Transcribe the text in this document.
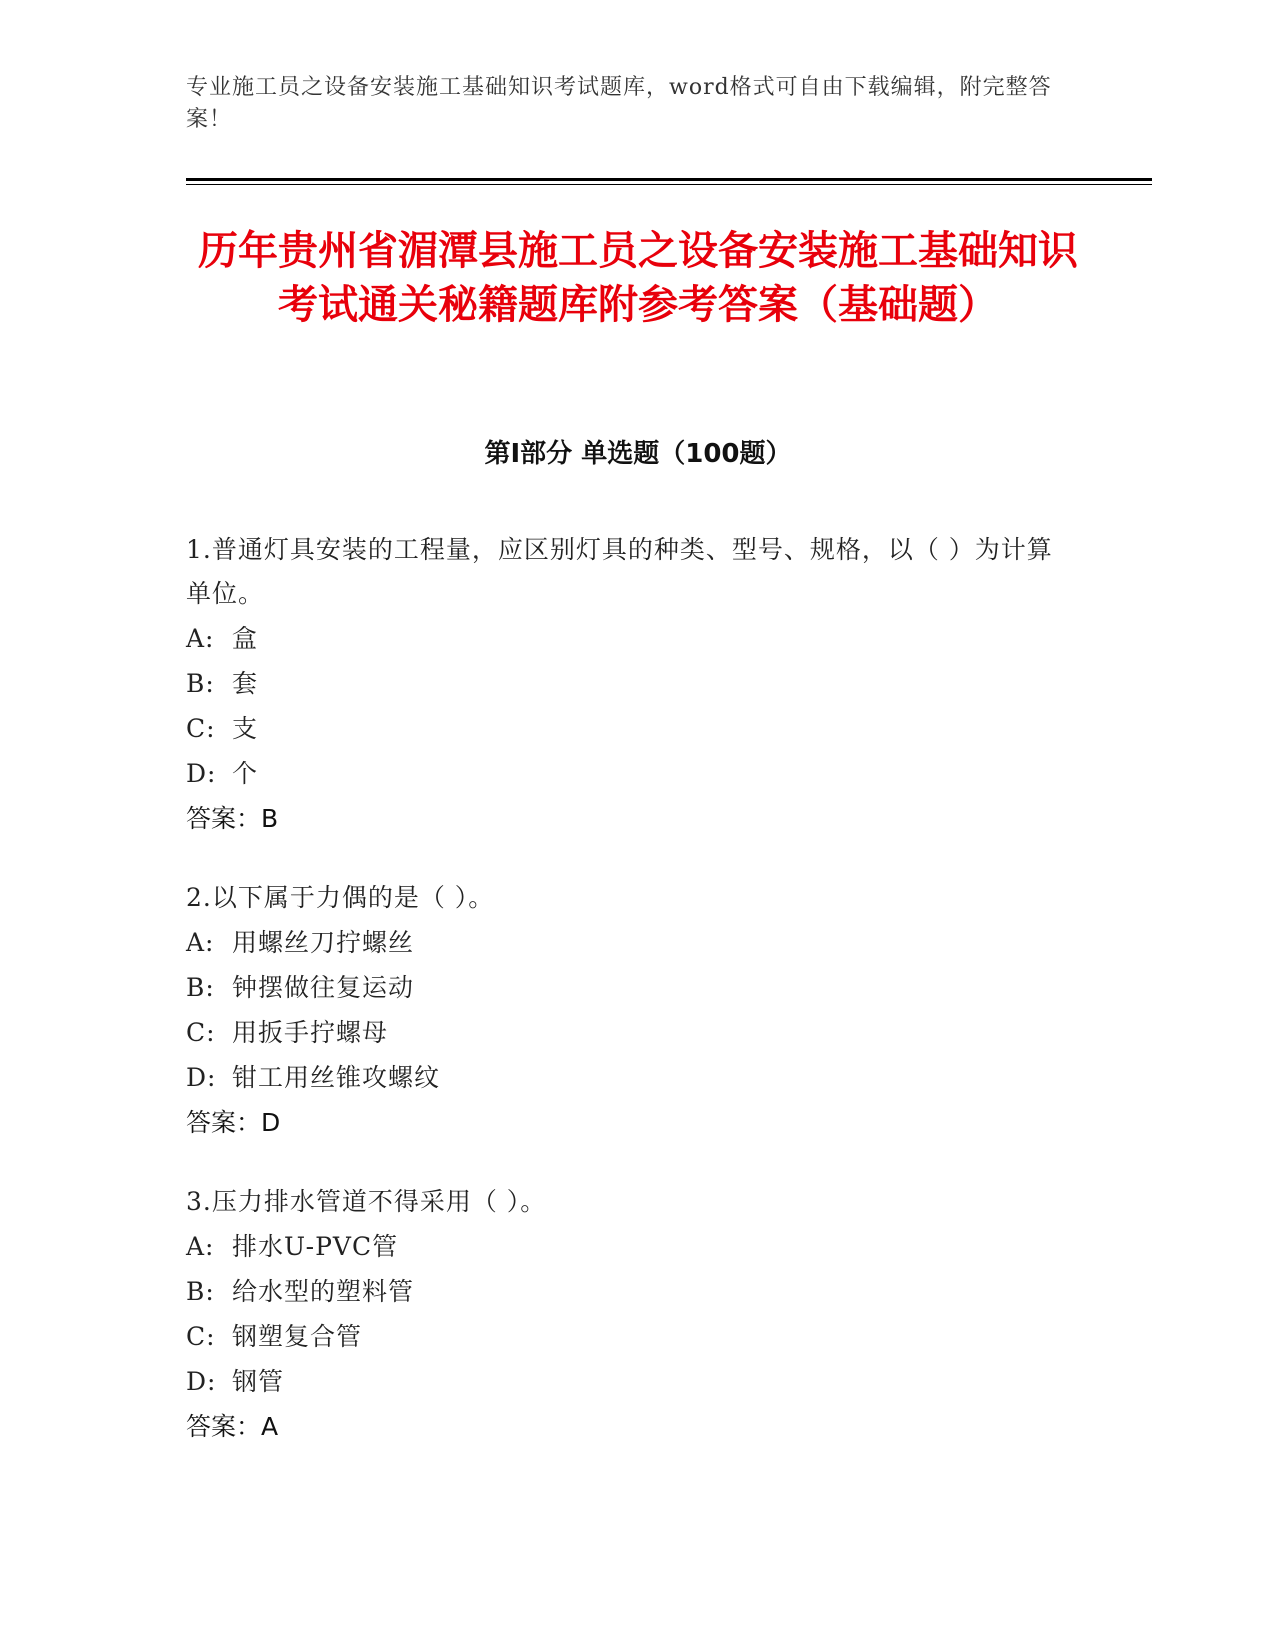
专业施工员之设备安装施工基础知识考试题库，word格式可自由下载编辑，附完整答案！
历年贵州省湄潭县施工员之设备安装施工基础知识考试通关秘籍题库附参考答案（基础题）
第Ⅰ部分 单选题（100题）
1.普通灯具安装的工程量，应区别灯具的种类、型号、规格，以（ ）为计算单位。
A: 盒
B: 套
C: 支
D: 个
答案：B
2.以下属于力偶的是（ ）。
A: 用螺丝刀拧螺丝
B: 钟摆做往复运动
C: 用扳手拧螺母
D: 钳工用丝锥攻螺纹
答案：D
3.压力排水管道不得采用（ ）。
A: 排水U-PVC管
B: 给水型的塑料管
C: 钢塑复合管
D: 钢管
答案：A
